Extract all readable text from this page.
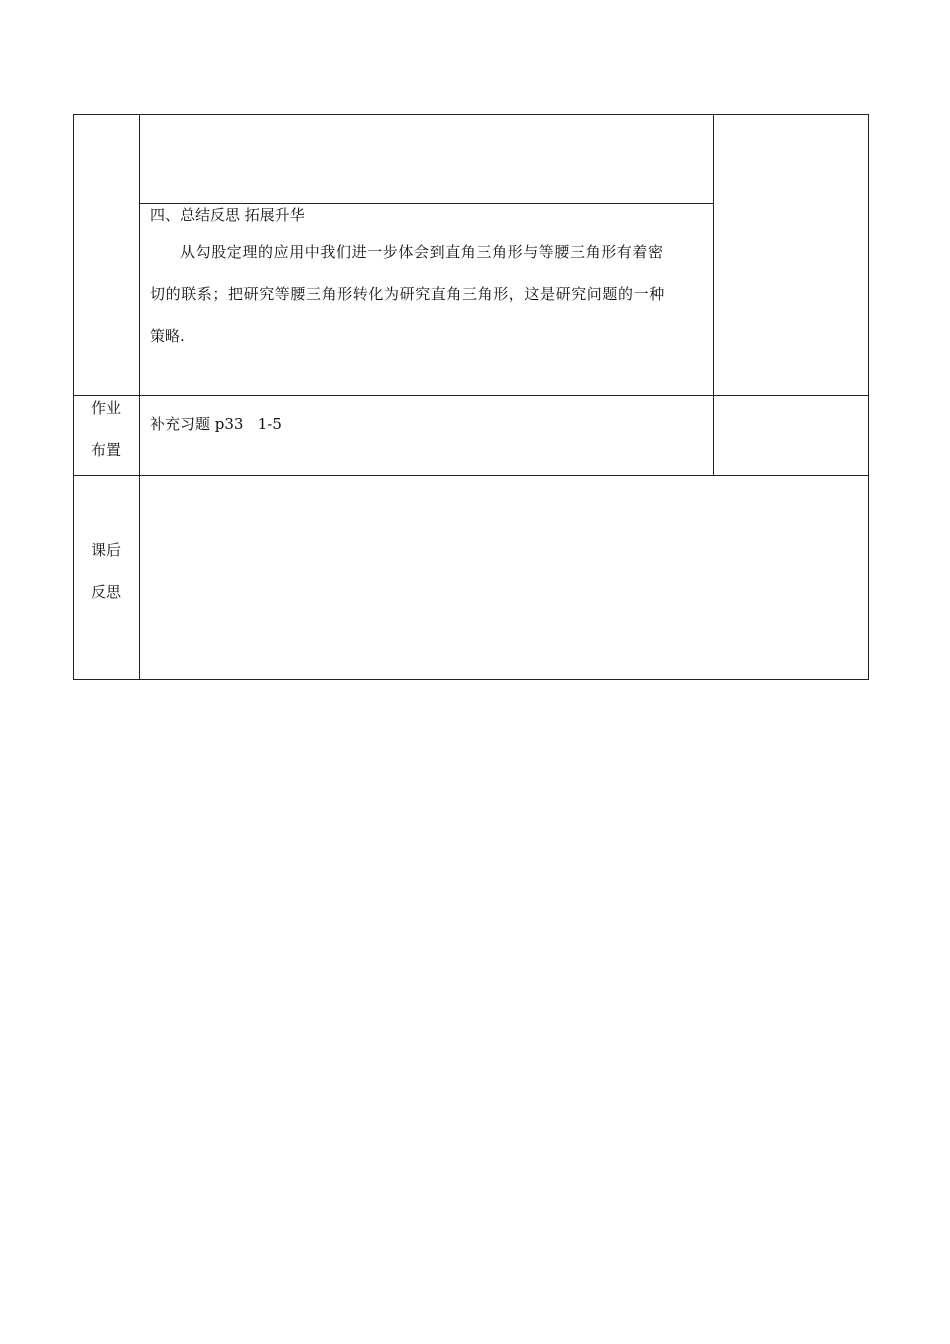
四、总结反思 拓展升华
从勾股定理的应用中我们进一步体会到直角三角形与等腰三角形有着密
切的联系；把研究等腰三角形转化为研究直角三角形，这是研究问题的一种
策略.
作业
布置
补充习题 p33   1-5
课后
反思
